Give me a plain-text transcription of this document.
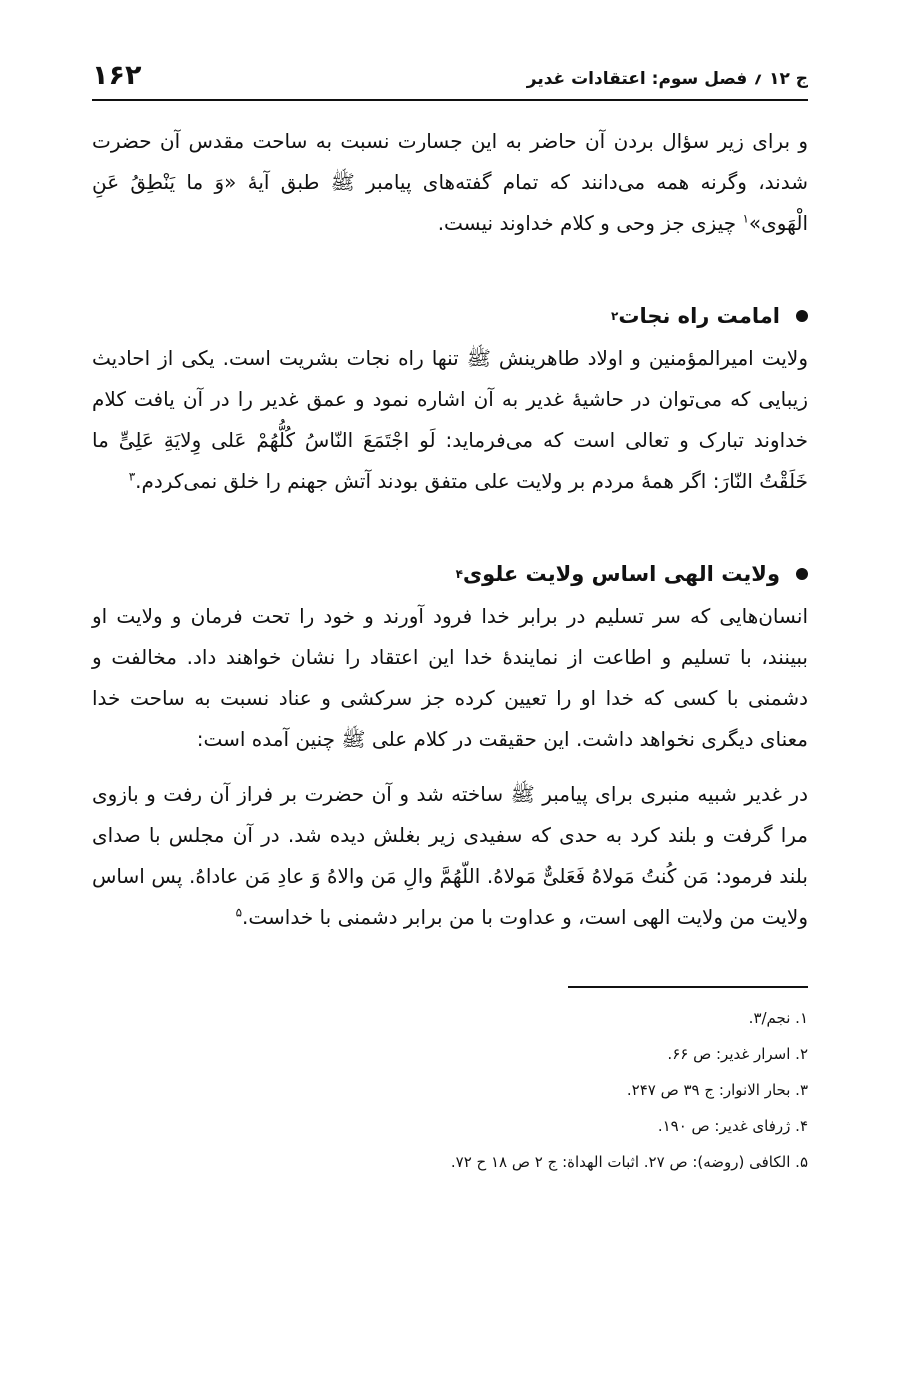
ج ۱۲ ؍ فصل سوم: اعتقادات غدیر
۱۶۲

و برای زیر سؤال بردن آن حاضر به این جسارت نسبت به ساحت مقدس آن حضرت شدند، وگرنه همه می‌دانند که تمام گفته‌های پیامبر ﷺ طبق آیهٔ «وَ ما یَنْطِقُ عَنِ الْهَوی»$^۱$ چیزی جز وحی و کلام خداوند نیست.

امامت راه نجات
۲

ولایت امیرالمؤمنین و اولاد طاهرینش ﷺ تنها راه نجات بشریت است. یکی از احادیث زیبایی که می‌توان در حاشیهٔ غدیر به آن اشاره نمود و عمق غدیر را در آن یافت کلام خداوند تبارک و تعالی است که می‌فرماید: لَو اجْتَمَعَ النّاسُ کُلُّهُمْ عَلی وِلایَةِ عَلِیٍّ ما خَلَقْتُ النّارَ: اگر همهٔ مردم بر ولایت علی متفق بودند آتش جهنم را خلق نمی‌کردم.$^۳$

ولایت الهی اساس ولایت علوی
۴

انسان‌هایی که سر تسلیم در برابر خدا فرود آورند و خود را تحت فرمان و ولایت او ببینند، با تسلیم و اطاعت از نمایندهٔ خدا این اعتقاد را نشان خواهند داد. مخالفت و دشمنی با کسی که خدا او را تعیین کرده جز سرکشی و عناد نسبت به ساحت خدا معنای دیگری نخواهد داشت. این حقیقت در کلام علی ﷺ چنین آمده است:

در غدیر شبیه منبری برای پیامبر ﷺ ساخته شد و آن حضرت بر فراز آن رفت و بازوی مرا گرفت و بلند کرد به حدی که سفیدی زیر بغلش دیده شد. در آن مجلس با صدای بلند فرمود: مَن کُنتُ مَولاهُ فَعَلیٌّ مَولاهُ. اللّهُمَّ والِ مَن والاهُ وَ عادِ مَن عاداهُ. پس اساس ولایت من ولایت الهی است، و عداوت با من برابر دشمنی با خداست.$^۵$

۱. نجم/۳.
۲. اسرار غدیر: ص ۶۶.
۳. بحار الانوار: ج ۳۹ ص ۲۴۷.
۴. ژرفای غدیر: ص ۱۹۰.
۵. الکافی (روضه): ص ۲۷. اثبات الهداة: ج ۲ ص ۱۸ ح ۷۲.
